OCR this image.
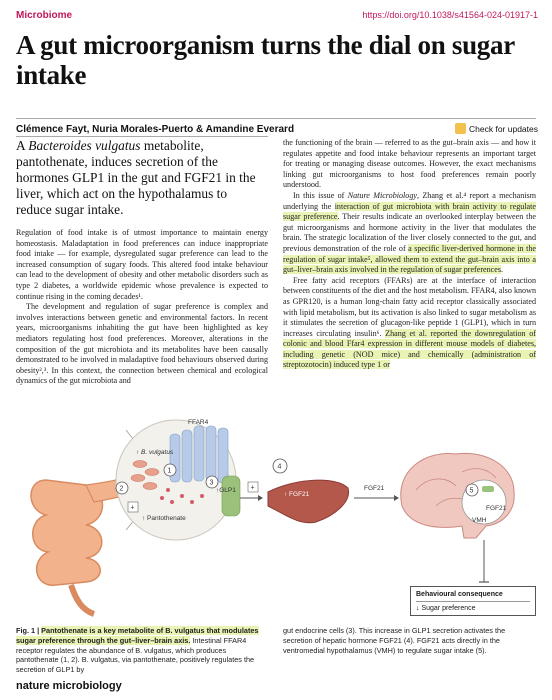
Microbiome	https://doi.org/10.1038/s41564-024-01917-1
A gut microorganism turns the dial on sugar intake
Clémence Fayt, Nuria Morales-Puerto & Amandine Everard	Check for updates
A Bacteroides vulgatus metabolite, pantothenate, induces secretion of the hormones GLP1 in the gut and FGF21 in the liver, which act on the hypothalamus to reduce sugar intake.

Regulation of food intake is of utmost importance to maintain energy homeostasis. Maladaptation in food preferences can induce inappropriate food intake — for example, dysregulated sugar preference can lead to the increased consumption of sugary foods. This altered food intake behaviour can lead to the development of obesity and other metabolic disorders such as type 2 diabetes, a worldwide epidemic whose prevalence is expected to continue rising in the coming decades¹.

The development and regulation of sugar preference is complex and involves interactions between genetic and environmental factors. In recent years, microorganisms inhabiting the gut have been highlighted as key mediators regulating host food preferences. Moreover, alterations in the composition of the gut microbiota and its metabolites have been causally demonstrated to be involved in maladaptive food behaviours observed during obesity²,³. In this context, the connection between chemical and ecological dynamics of the gut microbiota and

the functioning of the brain — referred to as the gut–brain axis — and how it regulates appetite and food intake behaviour represents an important target for treating or managing disease outcomes. However, the exact mechanisms linking gut microorganisms to host food preferences remain poorly understood.

In this issue of Nature Microbiology, Zhang et al.⁴ report a mechanism underlying the interaction of gut microbiota with brain activity to regulate sugar preference. Their results indicate an overlooked interplay between the gut microorganisms and hormone activity in the liver that modulates the brain. The strategic localization of the liver closely connected to the gut, and previous demonstration of the role of a specific liver-derived hormone in the regulation of sugar intake⁵, allowed them to extend the gut–brain axis into a gut–liver–brain axis involved in the regulation of sugar preferences.

Free fatty acid receptors (FFARs) are at the interface of interaction between constituents of the diet and the host metabolism. FFAR4, also known as GPR120, is a human long-chain fatty acid receptor classically associated with lipid metabolism, but its activation is also linked to sugar metabolism as it stimulates the secretion of glucagon-like peptide 1 (GLP1), which in turn increases circulating insulin⁶. Zhang et al. reported the downregulation of colonic and blood Ffar4 expression in different mouse models of diabetes, including genetic (NOD mice) and chemically (administration of streptozotocin) induced type 1 or

FFAR4
↑ B. vulgatus
↑ Pantothenate
↑GLP1
2
1
3
+
+
4
↑ FGF21
FGF21	5
FGF21
VMH
Behavioural consequence
↓ Sugar preference
Fig. 1 | Pantothenate is a key metabolite of B. vulgatus that modulates sugar preference through the gut–liver–brain axis. Intestinal FFAR4 receptor regulates the abundance of B. vulgatus, which produces pantothenate (1, 2). B. vulgatus, via pantothenate, positively regulates the secretion of GLP1 by
gut endocrine cells (3). This increase in GLP1 secretion activates the secretion of hepatic hormone FGF21 (4). FGF21 acts directly in the ventromedial hypothalamus (VMH) to regulate sugar intake (5).
nature microbiology
